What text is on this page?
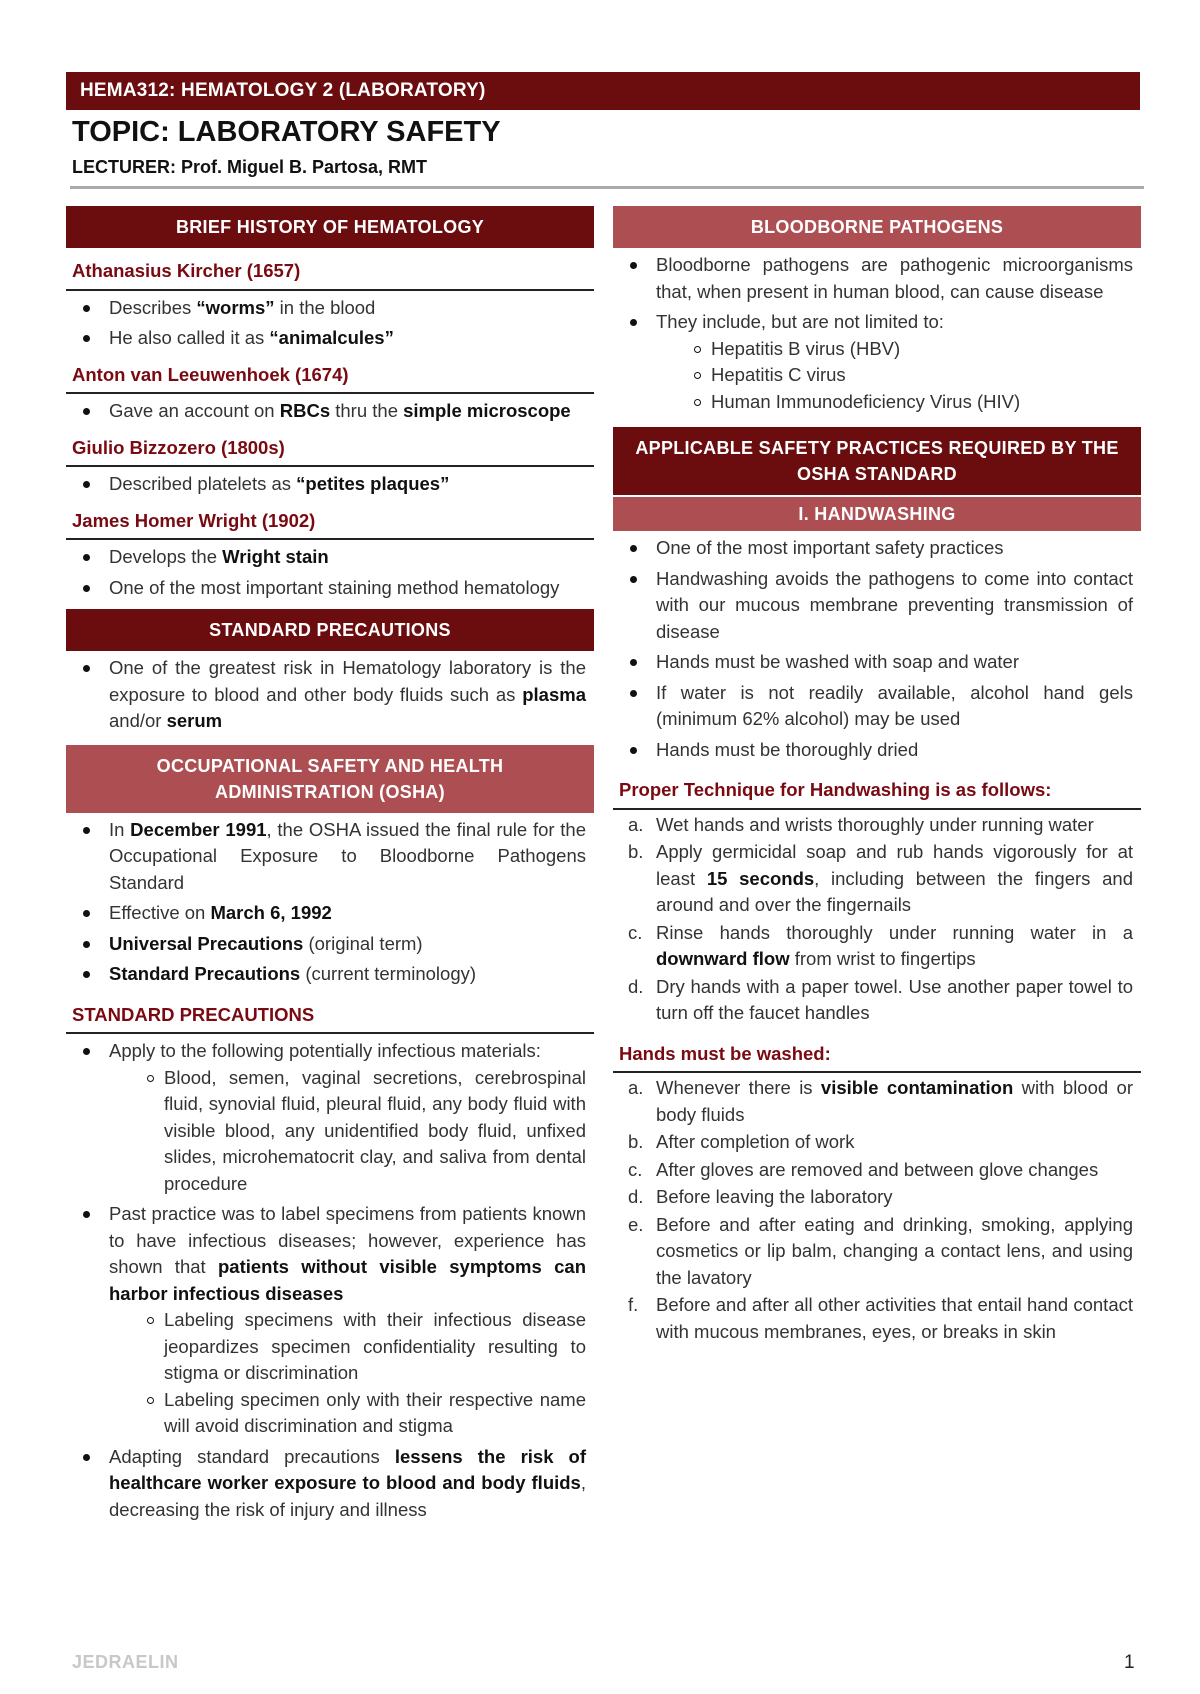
HEMA312: HEMATOLOGY 2 (LABORATORY)
TOPIC: LABORATORY SAFETY
LECTURER: Prof. Miguel B. Partosa, RMT
BRIEF HISTORY OF HEMATOLOGY
Athanasius Kircher (1657)
Describes “worms” in the blood
He also called it as “animalcules”
Anton van Leeuwenhoek (1674)
Gave an account on RBCs thru the simple microscope
Giulio Bizzozero (1800s)
Described platelets as “petites plaques”
James Homer Wright (1902)
Develops the Wright stain
One of the most important staining method hematology
STANDARD PRECAUTIONS
One of the greatest risk in Hematology laboratory is the exposure to blood and other body fluids such as plasma and/or serum
OCCUPATIONAL SAFETY AND HEALTH ADMINISTRATION (OSHA)
In December 1991, the OSHA issued the final rule for the Occupational Exposure to Bloodborne Pathogens Standard
Effective on March 6, 1992
Universal Precautions (original term)
Standard Precautions (current terminology)
STANDARD PRECAUTIONS
Apply to the following potentially infectious materials:
Blood, semen, vaginal secretions, cerebrospinal fluid, synovial fluid, pleural fluid, any body fluid with visible blood, any unidentified body fluid, unfixed slides, microhematocrit clay, and saliva from dental procedure
Past practice was to label specimens from patients known to have infectious diseases; however, experience has shown that patients without visible symptoms can harbor infectious diseases
Labeling specimens with their infectious disease jeopardizes specimen confidentiality resulting to stigma or discrimination
Labeling specimen only with their respective name will avoid discrimination and stigma
Adapting standard precautions lessens the risk of healthcare worker exposure to blood and body fluids, decreasing the risk of injury and illness
BLOODBORNE PATHOGENS
Bloodborne pathogens are pathogenic microorganisms that, when present in human blood, can cause disease
They include, but are not limited to:
Hepatitis B virus (HBV)
Hepatitis C virus
Human Immunodeficiency Virus (HIV)
APPLICABLE SAFETY PRACTICES REQUIRED BY THE OSHA STANDARD
I. HANDWASHING
One of the most important safety practices
Handwashing avoids the pathogens to come into contact with our mucous membrane preventing transmission of disease
Hands must be washed with soap and water
If water is not readily available, alcohol hand gels (minimum 62% alcohol) may be used
Hands must be thoroughly dried
Proper Technique for Handwashing is as follows:
a. Wet hands and wrists thoroughly under running water
b. Apply germicidal soap and rub hands vigorously for at least 15 seconds, including between the fingers and around and over the fingernails
c. Rinse hands thoroughly under running water in a downward flow from wrist to fingertips
d. Dry hands with a paper towel. Use another paper towel to turn off the faucet handles
Hands must be washed:
a. Whenever there is visible contamination with blood or body fluids
b. After completion of work
c. After gloves are removed and between glove changes
d. Before leaving the laboratory
e. Before and after eating and drinking, smoking, applying cosmetics or lip balm, changing a contact lens, and using the lavatory
f. Before and after all other activities that entail hand contact with mucous membranes, eyes, or breaks in skin
JEDRAELIN	1
